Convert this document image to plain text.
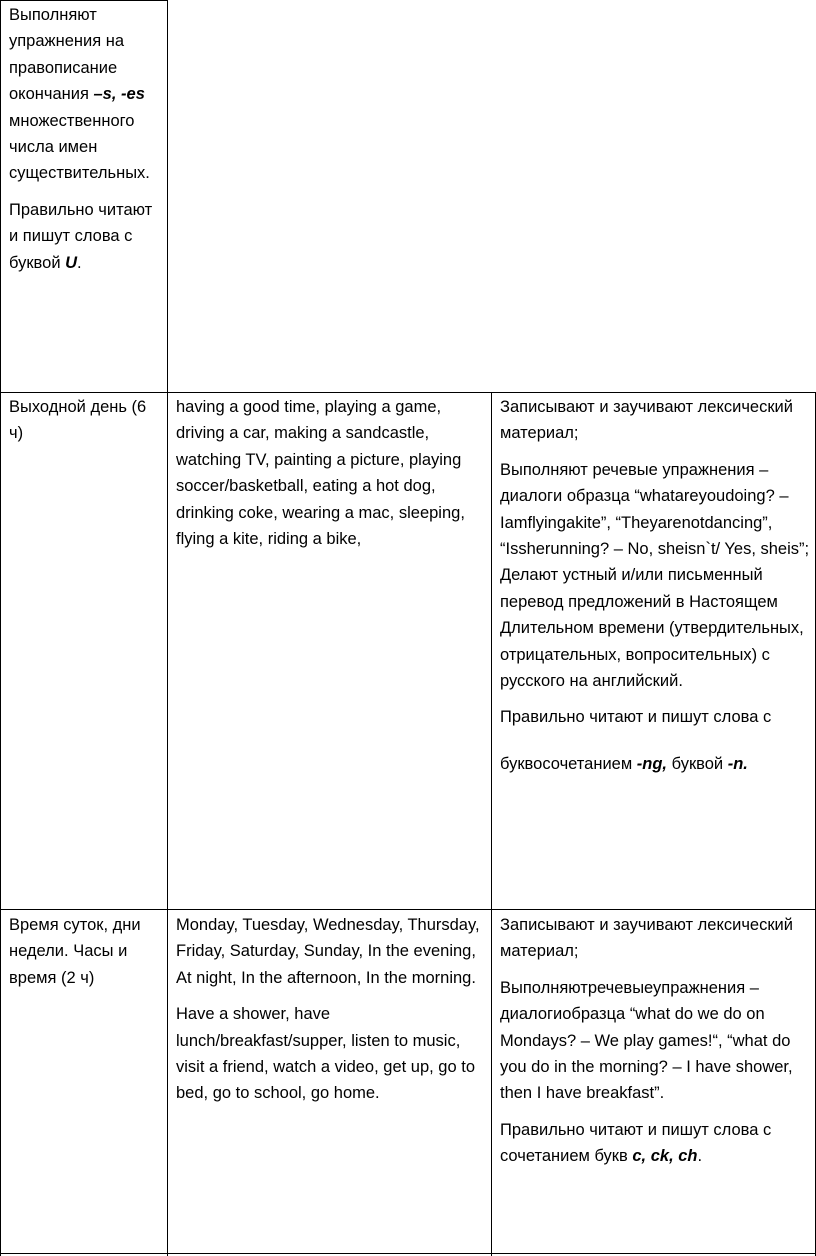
Выполняют упражнения на правописание окончания –s, -es множественного числа имен существительных.

Правильно читают и пишут слова с буквой U.

Выходной день (6 ч)

having a good time, playing a game, driving a car, making a sandcastle, watching TV, painting a picture, playing soccer/basketball, eating a hot dog, drinking coke, wearing a mac, sleeping, flying a kite, riding a bike,

Записывают и заучивают лексический материал;

Выполняют речевые упражнения – диалоги образца “whatareyoudoing? – Iamflyingakite”, “Theyarenotdancing”, “Issherunning? – No, sheisn`t/ Yes, sheis”; Делают устный и/или письменный перевод предложений в Настоящем Длительном времени (утвердительных, отрицательных, вопросительных) с русского на английский.

Правильно читают и пишут слова с

буквосочетанием -ng, буквой -n.

Время суток, дни недели. Часы и время (2 ч)

Monday, Tuesday, Wednesday, Thursday, Friday, Saturday, Sunday, In the evening, At night, In the afternoon, In the morning.

Have a shower, have lunch/breakfast/supper, listen to music, visit a friend, watch a video, get up, go to bed, go to school, go home.

Записывают и заучивают лексический материал;

Выполняютречевыеупражнения – диалогиобразца “what do we do on Mondays? – We play games!“, “what do you do in the morning? – I have shower, then I have breakfast”.

Правильно читают и пишут слова с сочетанием букв c, ck, ch.
